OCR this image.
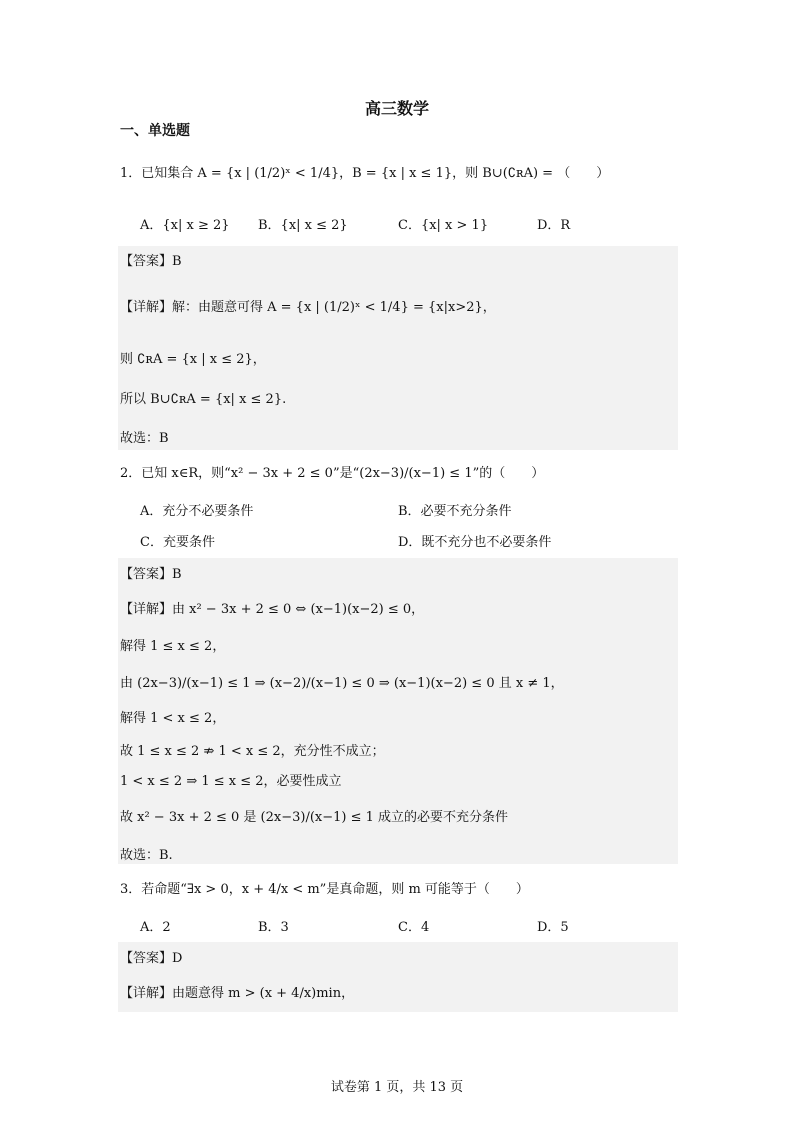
高三数学
一、单选题
1．已知集合 A = {x | (1/2)ˣ < 1/4}，B = {x | x ≤ 1}，则 B∪(∁ʀA) = （　　）
A．{x| x ≥ 2} B．{x| x ≤ 2}	C．{x| x > 1}	D．R
【答案】B
【详解】解：由题意可得 A = {x | (1/2)ˣ < 1/4} = {x|x>2}，
则 ∁ʀA = {x | x ≤ 2}，
所以 B∪∁ʀA = {x| x ≤ 2}.
故选：B
2．已知 x∈R，则“x² − 3x + 2 ≤ 0”是“(2x−3)/(x−1) ≤ 1”的（　　）
A．充分不必要条件	B．必要不充分条件
C．充要条件	D．既不充分也不必要条件
【答案】B
【详解】由 x² − 3x + 2 ≤ 0 ⇔ (x−1)(x−2) ≤ 0，
解得 1 ≤ x ≤ 2，
由 (2x−3)/(x−1) ≤ 1 ⇒ (x−2)/(x−1) ≤ 0 ⇒ (x−1)(x−2) ≤ 0 且 x ≠ 1，
解得 1 < x ≤ 2，
故 1 ≤ x ≤ 2 ⇏ 1 < x ≤ 2，充分性不成立；
1 < x ≤ 2 ⇒ 1 ≤ x ≤ 2，必要性成立
故 x² − 3x + 2 ≤ 0 是 (2x−3)/(x−1) ≤ 1 成立的必要不充分条件
故选：B.
3．若命题“∃x > 0，x + 4/x < m”是真命题，则 m 可能等于（　　）
A．2	B．3	C．4	D．5
【答案】D
【详解】由题意得 m > (x + 4/x)min，
试卷第 1 页，共 13 页
